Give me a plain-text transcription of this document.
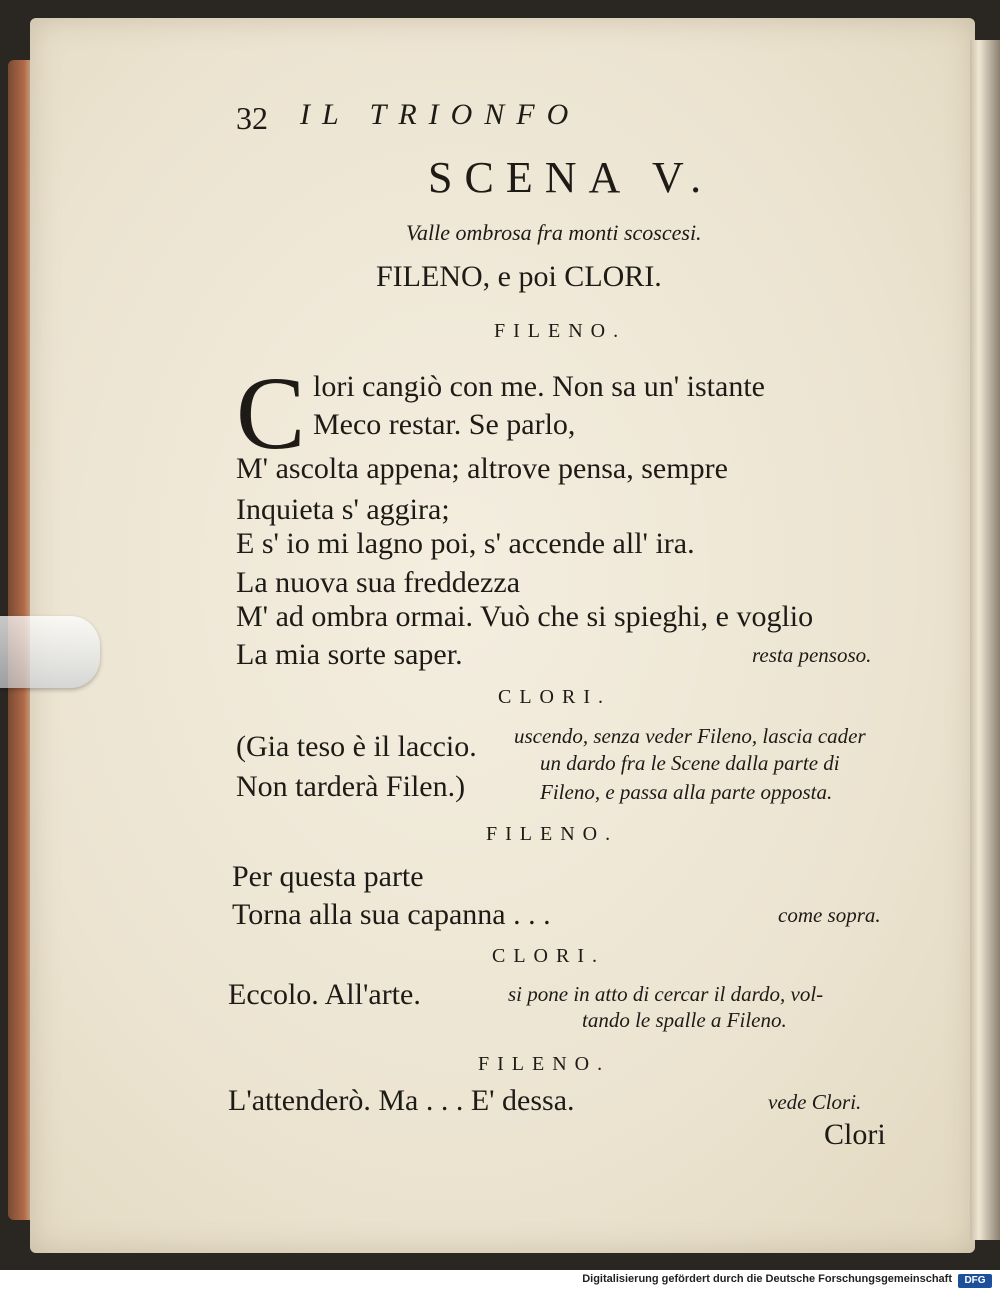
32 IL TRIONFO
SCENA V.
Valle ombrosa fra monti scoscesi.
FILENO, e poi CLORI.
FILENO.
C lori cangiò con me. Non sa un' istante
Meco restar. Se parlo,
M' ascolta appena; altrove pensa, sempre
Inquieta s' aggira;
E s' io mi lagno poi, s' accende all' ira.
La nuova sua freddezza
M' ad ombra ormai. Vuò che si spieghi, e voglio
La mia sorte saper.	resta pensoso.
CLORI.
(Gia teso è il laccio.
Non tarderà Filen.)
uscendo, senza veder Fileno, lascia cader
un dardo fra le Scene dalla parte di
Fileno, e passa alla parte opposta.
FILENO.
Per questa parte
Torna alla sua capanna . . .	come sopra.
CLORI.
Eccolo. All'arte.	si pone in atto di cercar il dardo, vol-
tando le spalle a Fileno.
FILENO.
L'attenderò. Ma . . . E' dessa.	vede Clori.
Clori
Digitalisierung gefördert durch die Deutsche Forschungsgemeinschaft	DFG
